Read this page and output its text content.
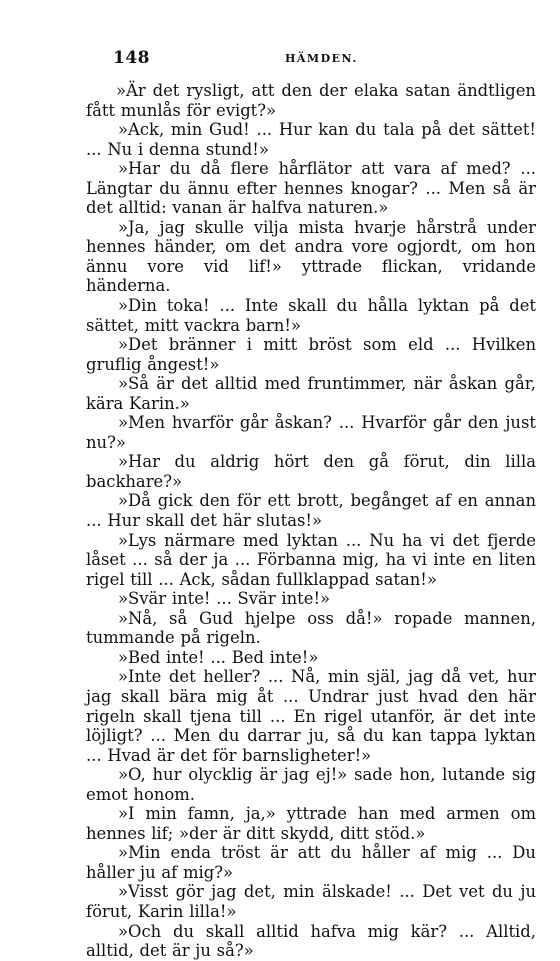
148	HÄMDEN.

»Är det rysligt, att den der elaka satan ändtligen fått munlås för evigt?»

»Ack, min Gud! ... Hur kan du tala på det sättet! ... Nu i denna stund!»

»Har du då flere hårflätor att vara af med? ... Längtar du ännu efter hennes knogar? ... Men så är det alltid: vanan är halfva naturen.»

»Ja, jag skulle vilja mista hvarje hårstrå under hennes händer, om det andra vore ogjordt, om hon ännu vore vid lif!» yttrade flickan, vridande händerna.

»Din toka! ... Inte skall du hålla lyktan på det sättet, mitt vackra barn!»

»Det bränner i mitt bröst som eld ... Hvilken gruflig ångest!»

»Så är det alltid med fruntimmer, när åskan går, kära Karin.»

»Men hvarför går åskan? ... Hvarför går den just nu?»

»Har du aldrig hört den gå förut, din lilla backhare?»

»Då gick den för ett brott, begånget af en annan ... Hur skall det här slutas!»

»Lys närmare med lyktan ... Nu ha vi det fjerde låset ... så der ja ... Förbanna mig, ha vi inte en liten rigel till ... Ack, sådan fullklappad satan!»

»Svär inte! ... Svär inte!»

»Nå, så Gud hjelpe oss då!» ropade mannen, tummande på rigeln.

»Bed inte! ... Bed inte!»

»Inte det heller? ... Nå, min själ, jag då vet, hur jag skall bära mig åt ... Undrar just hvad den här rigeln skall tjena till ... En rigel utanför, är det inte löjligt? ... Men du darrar ju, så du kan tappa lyktan ... Hvad är det för barnsligheter!»

»O, hur olycklig är jag ej!» sade hon, lutande sig emot honom.

»I min famn, ja,» yttrade han med armen om hennes lif; »der är ditt skydd, ditt stöd.»

»Min enda tröst är att du håller af mig ... Du håller ju af mig?»

»Visst gör jag det, min älskade! ... Det vet du ju förut, Karin lilla!»

»Och du skall alltid hafva mig kär? ... Alltid, alltid, det är ju så?»
